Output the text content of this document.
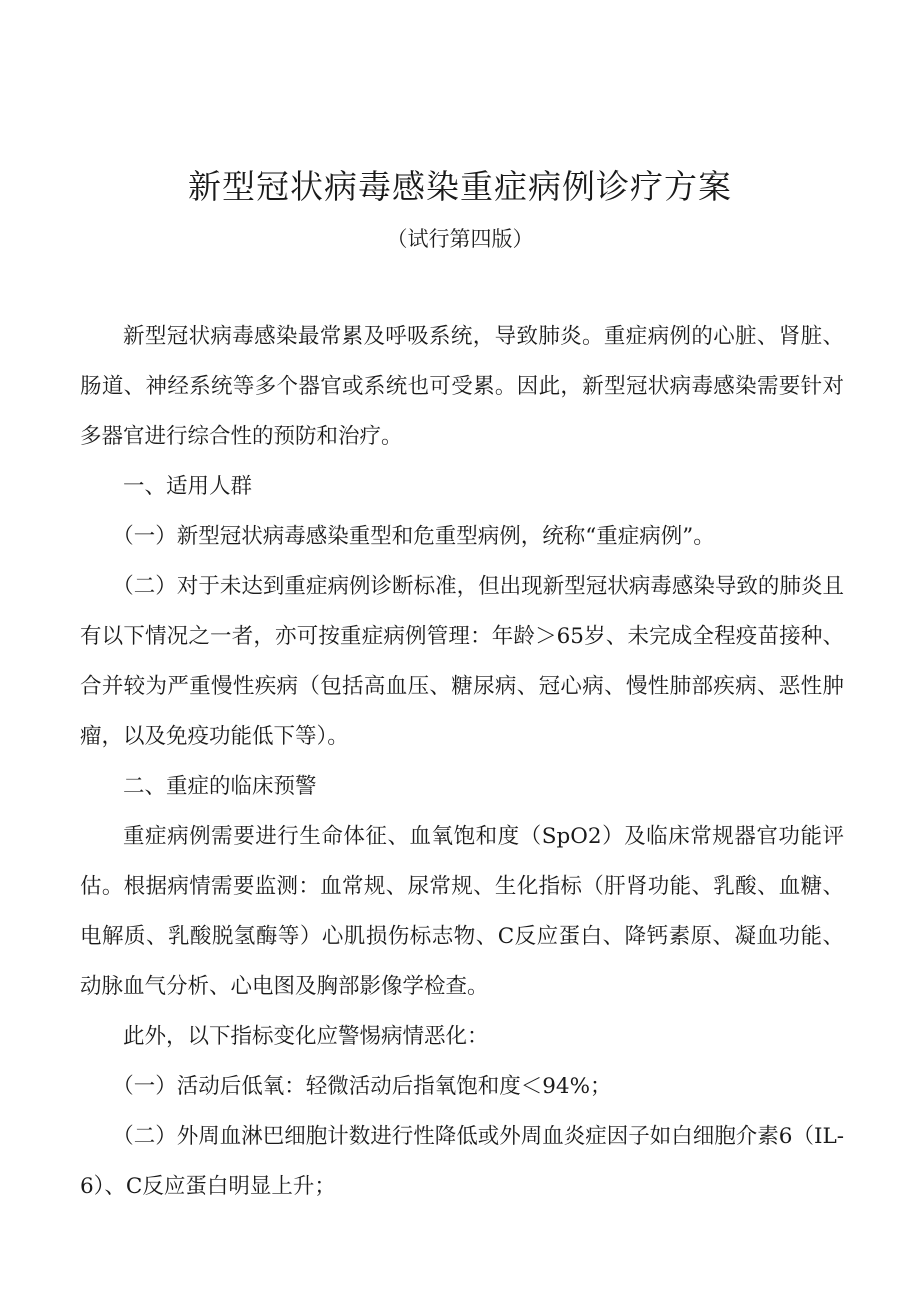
新型冠状病毒感染重症病例诊疗方案
（试行第四版）

新型冠状病毒感染最常累及呼吸系统，导致肺炎。重症病例的心脏、肾脏、肠道、神经系统等多个器官或系统也可受累。因此，新型冠状病毒感染需要针对多器官进行综合性的预防和治疗。

一、适用人群

（一）新型冠状病毒感染重型和危重型病例，统称“重症病例”。

（二）对于未达到重症病例诊断标准，但出现新型冠状病毒感染导致的肺炎且有以下情况之一者，亦可按重症病例管理：年龄＞65岁、未完成全程疫苗接种、合并较为严重慢性疾病（包括高血压、糖尿病、冠心病、慢性肺部疾病、恶性肿瘤，以及免疫功能低下等）。

二、重症的临床预警

重症病例需要进行生命体征、血氧饱和度（SpO2）及临床常规器官功能评估。根据病情需要监测：血常规、尿常规、生化指标（肝肾功能、乳酸、血糖、电解质、乳酸脱氢酶等）心肌损伤标志物、C反应蛋白、降钙素原、凝血功能、动脉血气分析、心电图及胸部影像学检查。

此外，以下指标变化应警惕病情恶化：

（一）活动后低氧：轻微活动后指氧饱和度＜94%；

（二）外周血淋巴细胞计数进行性降低或外周血炎症因子如白细胞介素6（IL-6）、C反应蛋白明显上升；
